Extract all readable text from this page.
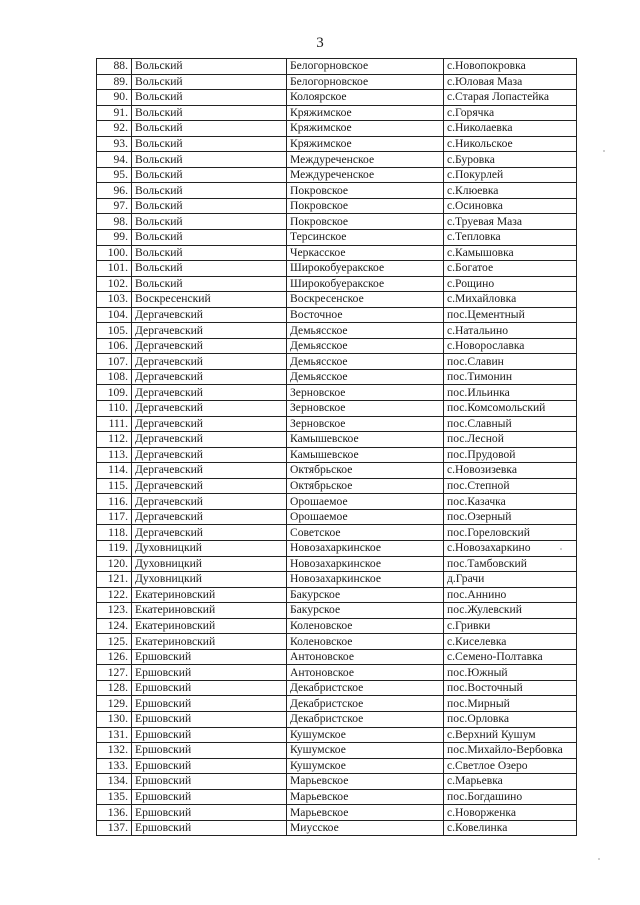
3
88.	Вольский	Белогорновское	с.Новопокровка
89.	Вольский	Белогорновское	с.Юловая Маза
90.	Вольский	Колоярское	с.Старая Лопастейка
91.	Вольский	Кряжимское	с.Горячка
92.	Вольский	Кряжимское	с.Николаевка
93.	Вольский	Кряжимское	с.Никольское
94.	Вольский	Междуреченское	с.Буровка
95.	Вольский	Междуреченское	с.Покурлей
96.	Вольский	Покровское	с.Клюевка
97.	Вольский	Покровское	с.Осиновка
98.	Вольский	Покровское	с.Труевая Маза
99.	Вольский	Терсинское	с.Тепловка
100.	Вольский	Черкасское	с.Камышовка
101.	Вольский	Широкобуеракское	с.Богатое
102.	Вольский	Широкобуеракское	с.Рощино
103.	Воскресенский	Воскресенское	с.Михайловка
104.	Дергачевский	Восточное	пос.Цементный
105.	Дергачевский	Демьясское	с.Натальино
106.	Дергачевский	Демьясское	с.Новорославка
107.	Дергачевский	Демьясское	пос.Славин
108.	Дергачевский	Демьясское	пос.Тимонин
109.	Дергачевский	Зерновское	пос.Ильинка
110.	Дергачевский	Зерновское	пос.Комсомольский
111.	Дергачевский	Зерновское	пос.Славный
112.	Дергачевский	Камышевское	пос.Лесной
113.	Дергачевский	Камышевское	пос.Прудовой
114.	Дергачевский	Октябрьское	с.Новозизевка
115.	Дергачевский	Октябрьское	пос.Степной
116.	Дергачевский	Орошаемое	пос.Казачка
117.	Дергачевский	Орошаемое	пос.Озерный
118.	Дергачевский	Советское	пос.Гореловский
119.	Духовницкий	Новозахаркинское	с.Новозахаркино
120.	Духовницкий	Новозахаркинское	пос.Тамбовский
121.	Духовницкий	Новозахаркинское	д.Грачи
122.	Екатериновский	Бакурское	пос.Аннино
123.	Екатериновский	Бакурское	пос.Жулевский
124.	Екатериновский	Коленовское	с.Гривки
125.	Екатериновский	Коленовское	с.Киселевка
126.	Ершовский	Антоновское	с.Семено-Полтавка
127.	Ершовский	Антоновское	пос.Южный
128.	Ершовский	Декабристское	пос.Восточный
129.	Ершовский	Декабристское	пос.Мирный
130.	Ершовский	Декабристское	пос.Орловка
131.	Ершовский	Кушумское	с.Верхний Кушум
132.	Ершовский	Кушумское	пос.Михайло-Вербовка
133.	Ершовский	Кушумское	с.Светлое Озеро
134.	Ершовский	Марьевское	с.Марьевка
135.	Ершовский	Марьевское	пос.Богдашино
136.	Ершовский	Марьевское	с.Новорженка
137.	Ершовский	Миусское	с.Ковелинка
